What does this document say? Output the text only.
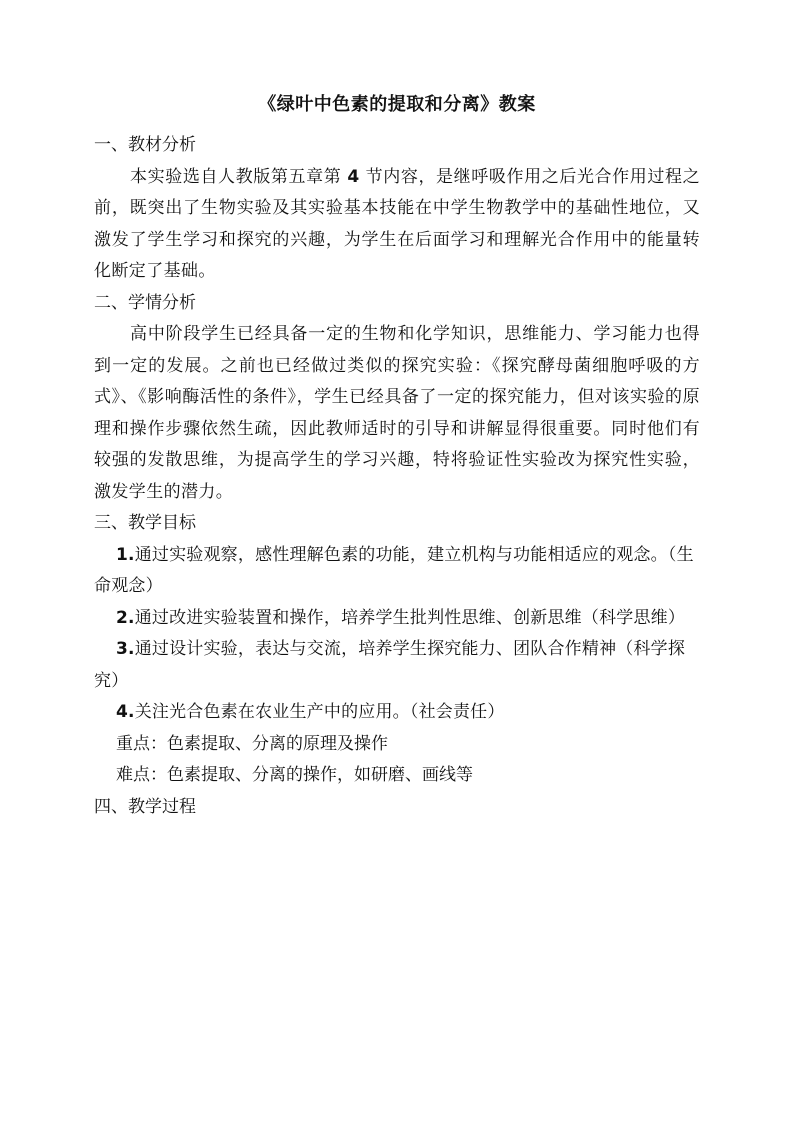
《绿叶中色素的提取和分离》教案

一、教材分析

本实验选自人教版第五章第 4 节内容，是继呼吸作用之后光合作用过程之前，既突出了生物实验及其实验基本技能在中学生物教学中的基础性地位，又激发了学生学习和探究的兴趣，为学生在后面学习和理解光合作用中的能量转化断定了基础。

二、学情分析

高中阶段学生已经具备一定的生物和化学知识，思维能力、学习能力也得到一定的发展。之前也已经做过类似的探究实验：《探究酵母菌细胞呼吸的方式》、《影响酶活性的条件》，学生已经具备了一定的探究能力，但对该实验的原理和操作步骤依然生疏，因此教师适时的引导和讲解显得很重要。同时他们有较强的发散思维，为提高学生的学习兴趣，特将验证性实验改为探究性实验，激发学生的潜力。

三、教学目标

1.通过实验观察，感性理解色素的功能，建立机构与功能相适应的观念。（生命观念）

2.通过改进实验装置和操作，培养学生批判性思维、创新思维（科学思维）

3.通过设计实验，表达与交流，培养学生探究能力、团队合作精神（科学探究）

4.关注光合色素在农业生产中的应用。（社会责任）

重点：色素提取、分离的原理及操作

难点：色素提取、分离的操作，如研磨、画线等

四、教学过程
